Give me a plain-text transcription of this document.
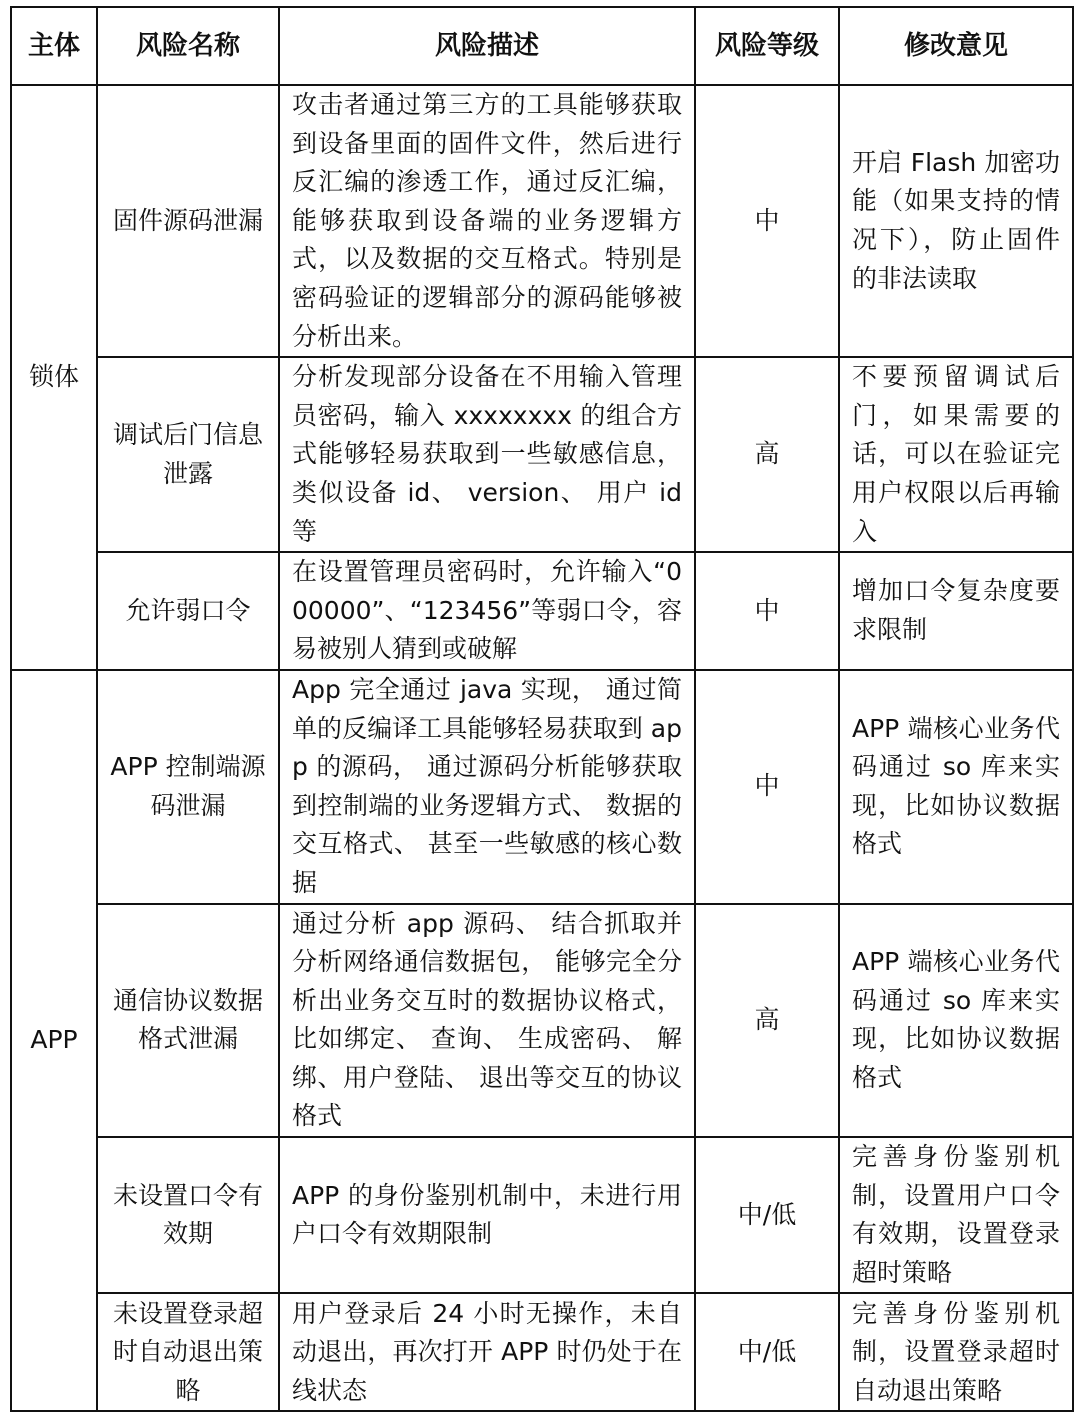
主体	风险名称	风险描述	风险等级	修改意见
锁体	固件源码泄漏	攻击者通过第三方的工具能够获取到设备里面的固件文件，然后进行反汇编的渗透工作，通过反汇编，能够获取到设备端的业务逻辑方式，以及数据的交互格式。特别是密码验证的逻辑部分的源码能够被分析出来。	中	开启 Flash 加密功能（如果支持的情况下），防止固件的非法读取
	调试后门信息泄露	分析发现部分设备在不用输入管理员密码，输入 xxxxxxxx 的组合方式能够轻易获取到一些敏感信息， 类似设备 id、 version、 用户 id 等	高	不要预留调试后门，如果需要的话，可以在验证完用户权限以后再输入
	允许弱口令	在设置管理员密码时，允许输入“000000”、“123456”等弱口令，容易被别人猜到或破解	中	增加口令复杂度要求限制
APP	APP 控制端源码泄漏	App 完全通过 java 实现， 通过简单的反编译工具能够轻易获取到 app 的源码， 通过源码分析能够获取到控制端的业务逻辑方式、 数据的交互格式、 甚至一些敏感的核心数据	中	APP 端核心业务代码通过 so 库来实现，比如协议数据格式
	通信协议数据格式泄漏	通过分析 app 源码、 结合抓取并分析网络通信数据包， 能够完全分析出业务交互时的数据协议格式， 比如绑定、 查询、 生成密码、 解绑、用户登陆、 退出等交互的协议格式	高	APP 端核心业务代码通过 so 库来实现，比如协议数据格式
	未设置口令有效期	APP 的身份鉴别机制中，未进行用户口令有效期限制	中/低	完善身份鉴别机制，设置用户口令有效期，设置登录超时策略
	未设置登录超时自动退出策略	用户登录后 24 小时无操作，未自动退出，再次打开 APP 时仍处于在线状态	中/低	完善身份鉴别机制，设置登录超时自动退出策略
